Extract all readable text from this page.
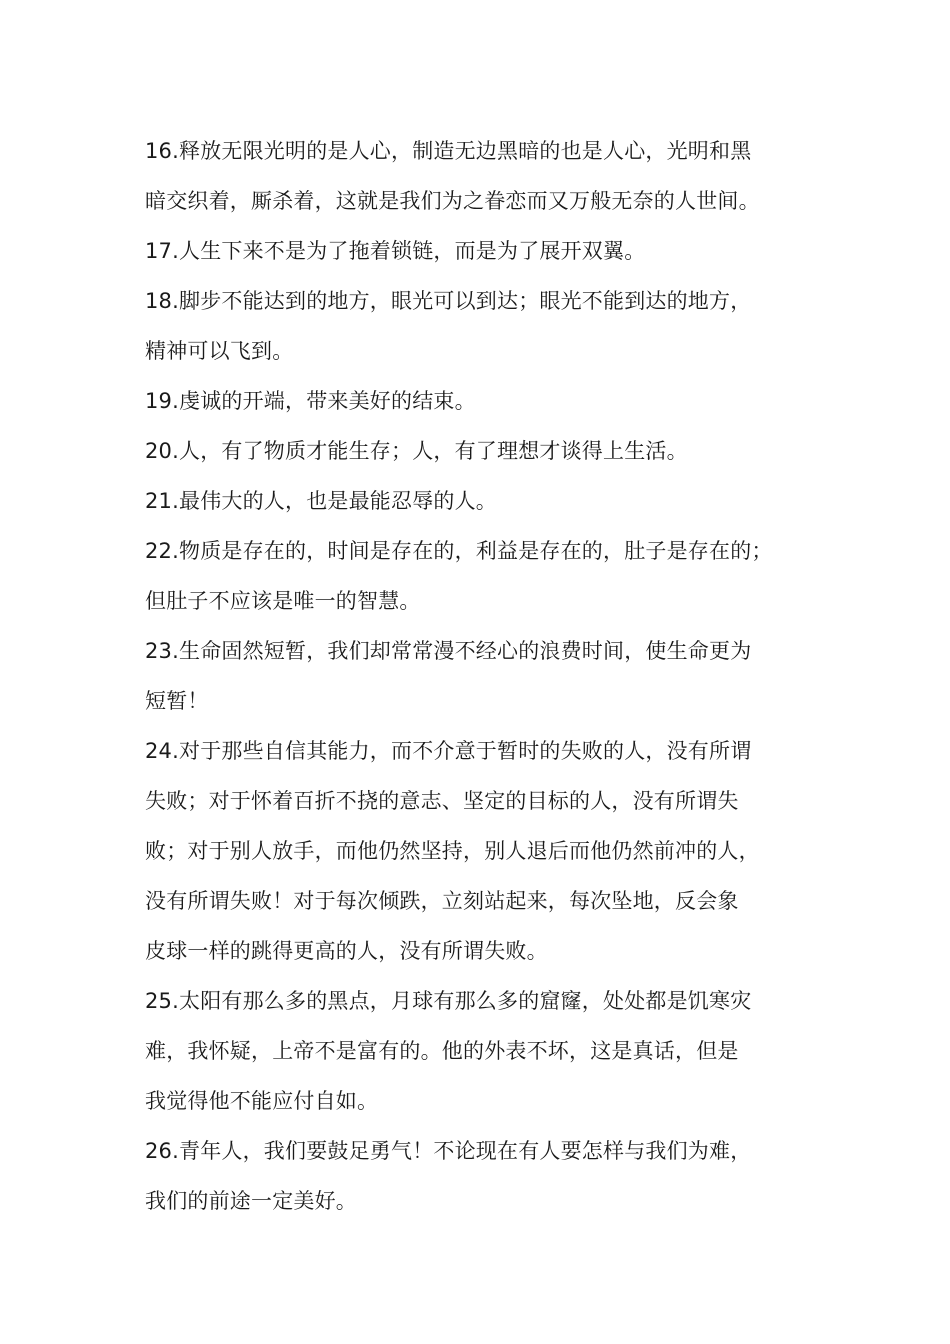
16.释放无限光明的是人心，制造无边黑暗的也是人心，光明和黑
暗交织着，厮杀着，这就是我们为之眷恋而又万般无奈的人世间。
17.人生下来不是为了拖着锁链，而是为了展开双翼。
18.脚步不能达到的地方，眼光可以到达；眼光不能到达的地方，
精神可以飞到。
19.虔诚的开端，带来美好的结束。
20.人，有了物质才能生存；人，有了理想才谈得上生活。
21.最伟大的人，也是最能忍辱的人。
22.物质是存在的，时间是存在的，利益是存在的，肚子是存在的；
但肚子不应该是唯一的智慧。
23.生命固然短暂，我们却常常漫不经心的浪费时间，使生命更为
短暂！
24.对于那些自信其能力，而不介意于暂时的失败的人，没有所谓
失败；对于怀着百折不挠的意志、坚定的目标的人，没有所谓失
败；对于别人放手，而他仍然坚持，别人退后而他仍然前冲的人，
没有所谓失败！对于每次倾跌，立刻站起来，每次坠地，反会象
皮球一样的跳得更高的人，没有所谓失败。
25.太阳有那么多的黑点，月球有那么多的窟窿，处处都是饥寒灾
难，我怀疑，上帝不是富有的。他的外表不坏，这是真话，但是
我觉得他不能应付自如。
26.青年人，我们要鼓足勇气！不论现在有人要怎样与我们为难，
我们的前途一定美好。
